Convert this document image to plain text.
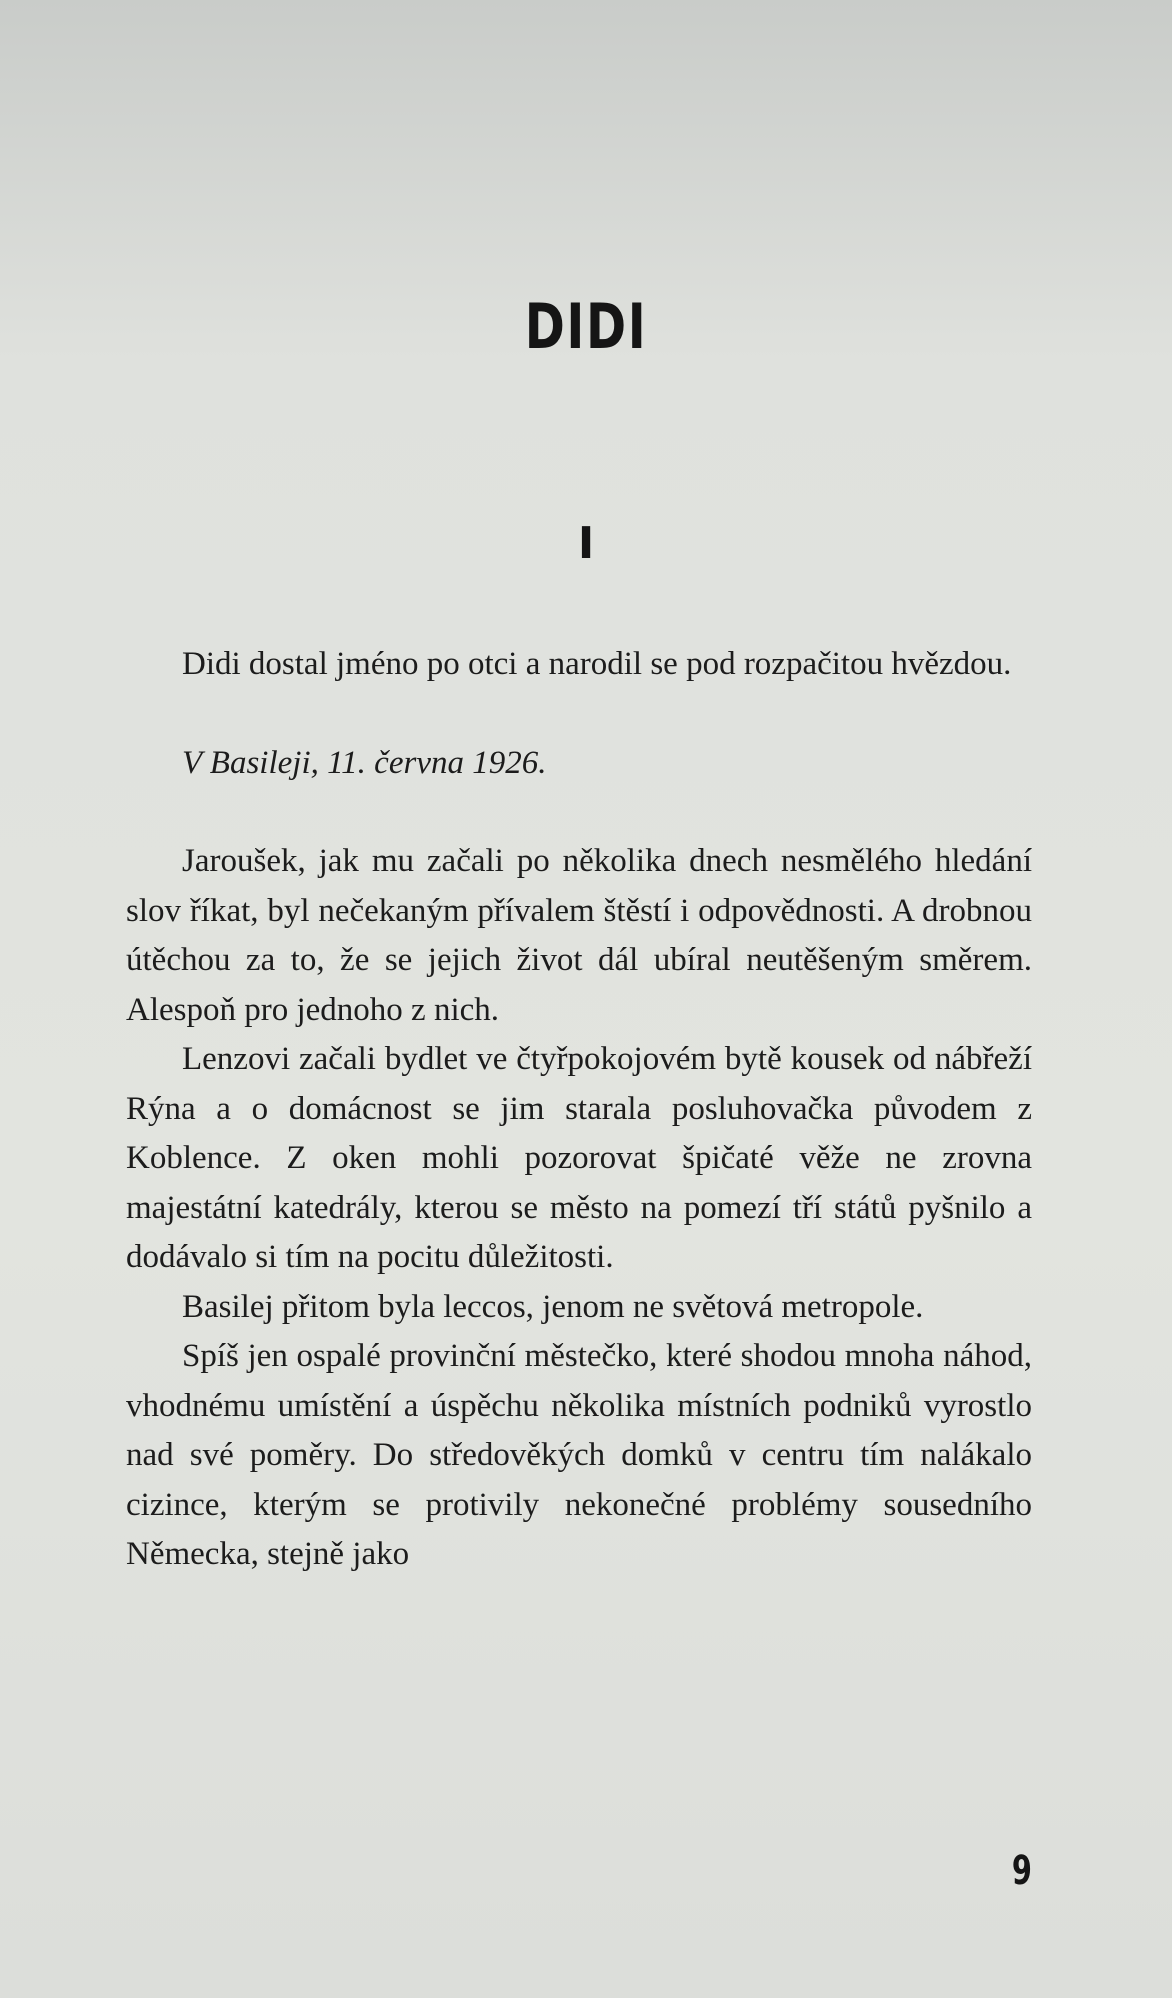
DIDI
I

Didi dostal jméno po otci a narodil se pod rozpačitou hvězdou.

V Basileji, 11. června 1926.

Jaroušek, jak mu začali po několika dnech nesmělého hledání slov říkat, byl nečekaným přívalem štěstí i odpovědnosti. A drobnou útěchou za to, že se jejich život dál ubíral neutěšeným směrem. Alespoň pro jednoho z nich.

Lenzovi začali bydlet ve čtyřpokojovém bytě kousek od nábřeží Rýna a o domácnost se jim starala posluhovačka původem z Koblence. Z oken mohli pozorovat špičaté věže ne zrovna majestátní katedrály, kterou se město na pomezí tří států pyšnilo a dodávalo si tím na pocitu důležitosti.

Basilej přitom byla leccos, jenom ne světová metropole.

Spíš jen ospalé provinční městečko, které shodou mnoha náhod, vhodnému umístění a úspěchu několika místních podniků vyrostlo nad své poměry. Do středověkých domků v centru tím nalákalo cizince, kterým se protivily nekonečné problémy sousedního Německa, stejně jako

9
